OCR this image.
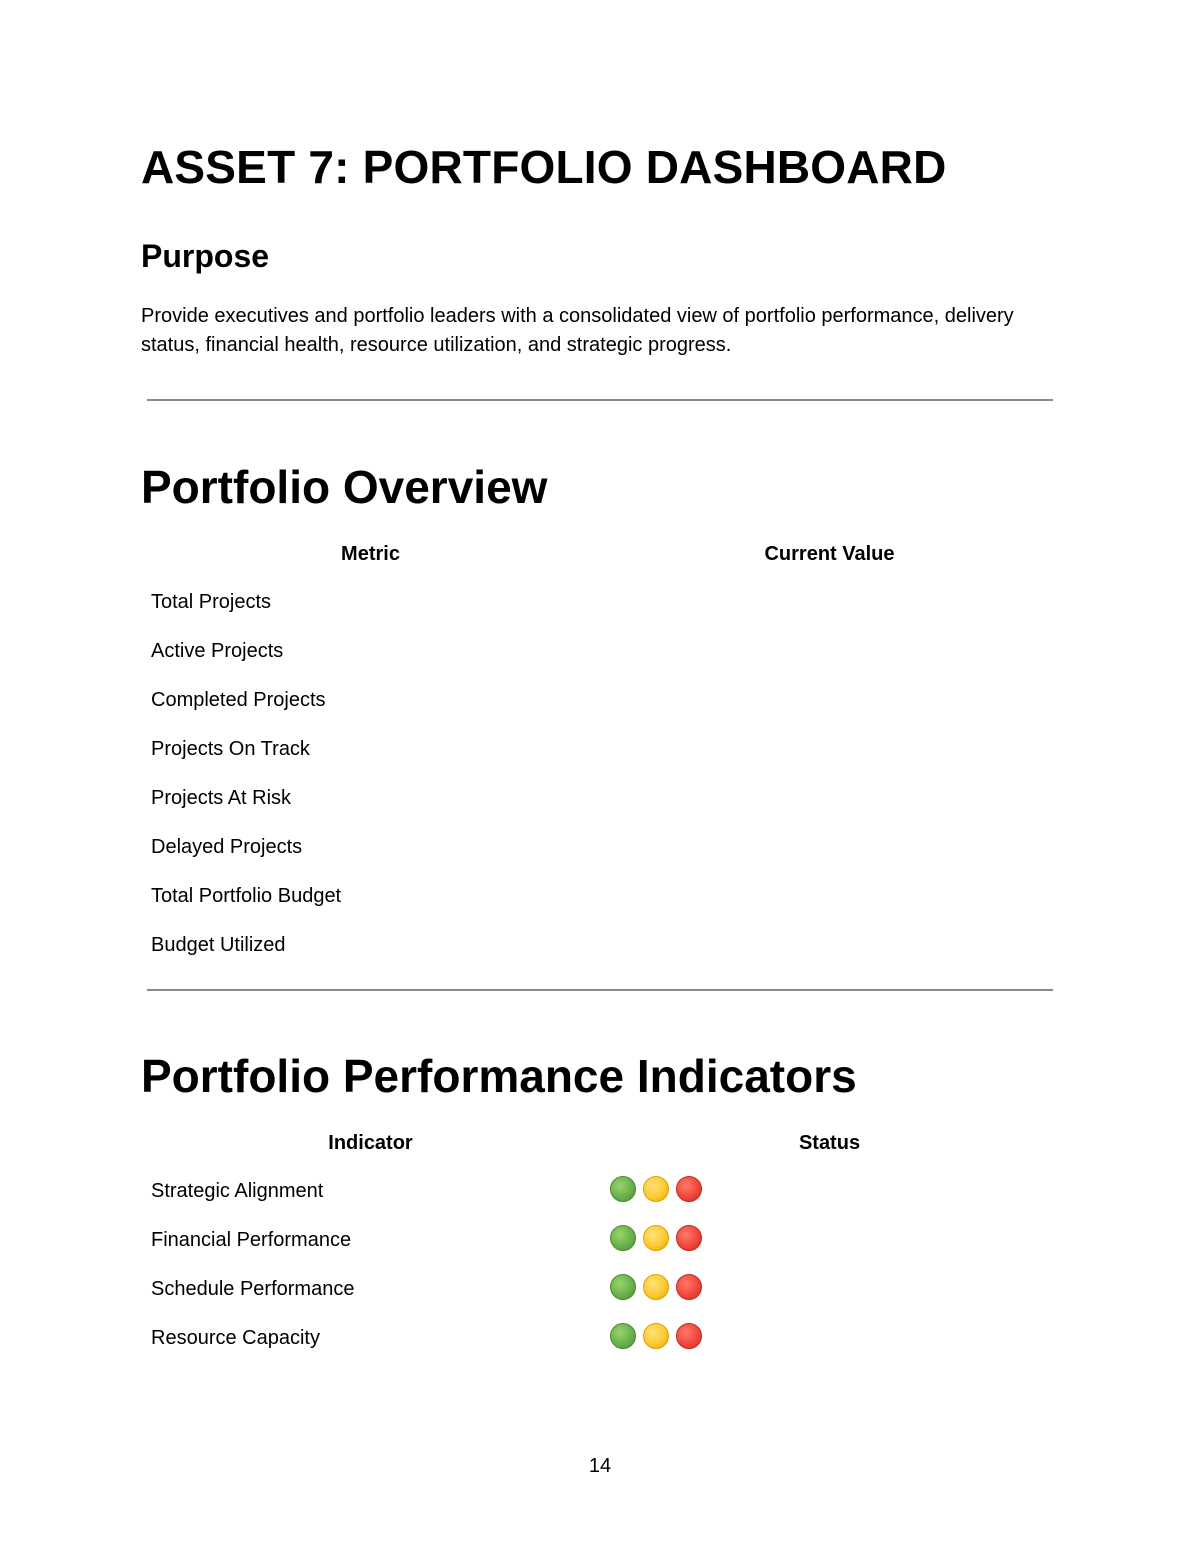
ASSET 7: PORTFOLIO DASHBOARD
Purpose

Provide executives and portfolio leaders with a consolidated view of portfolio performance, delivery status, financial health, resource utilization, and strategic progress.

Portfolio Overview
Metric	Current Value
Total Projects	
Active Projects	
Completed Projects	
Projects On Track	
Projects At Risk	
Delayed Projects	
Total Portfolio Budget	
Budget Utilized	
Portfolio Performance Indicators
Indicator	Status
Strategic Alignment	

Financial Performance	

Schedule Performance	

Resource Capacity	
14
